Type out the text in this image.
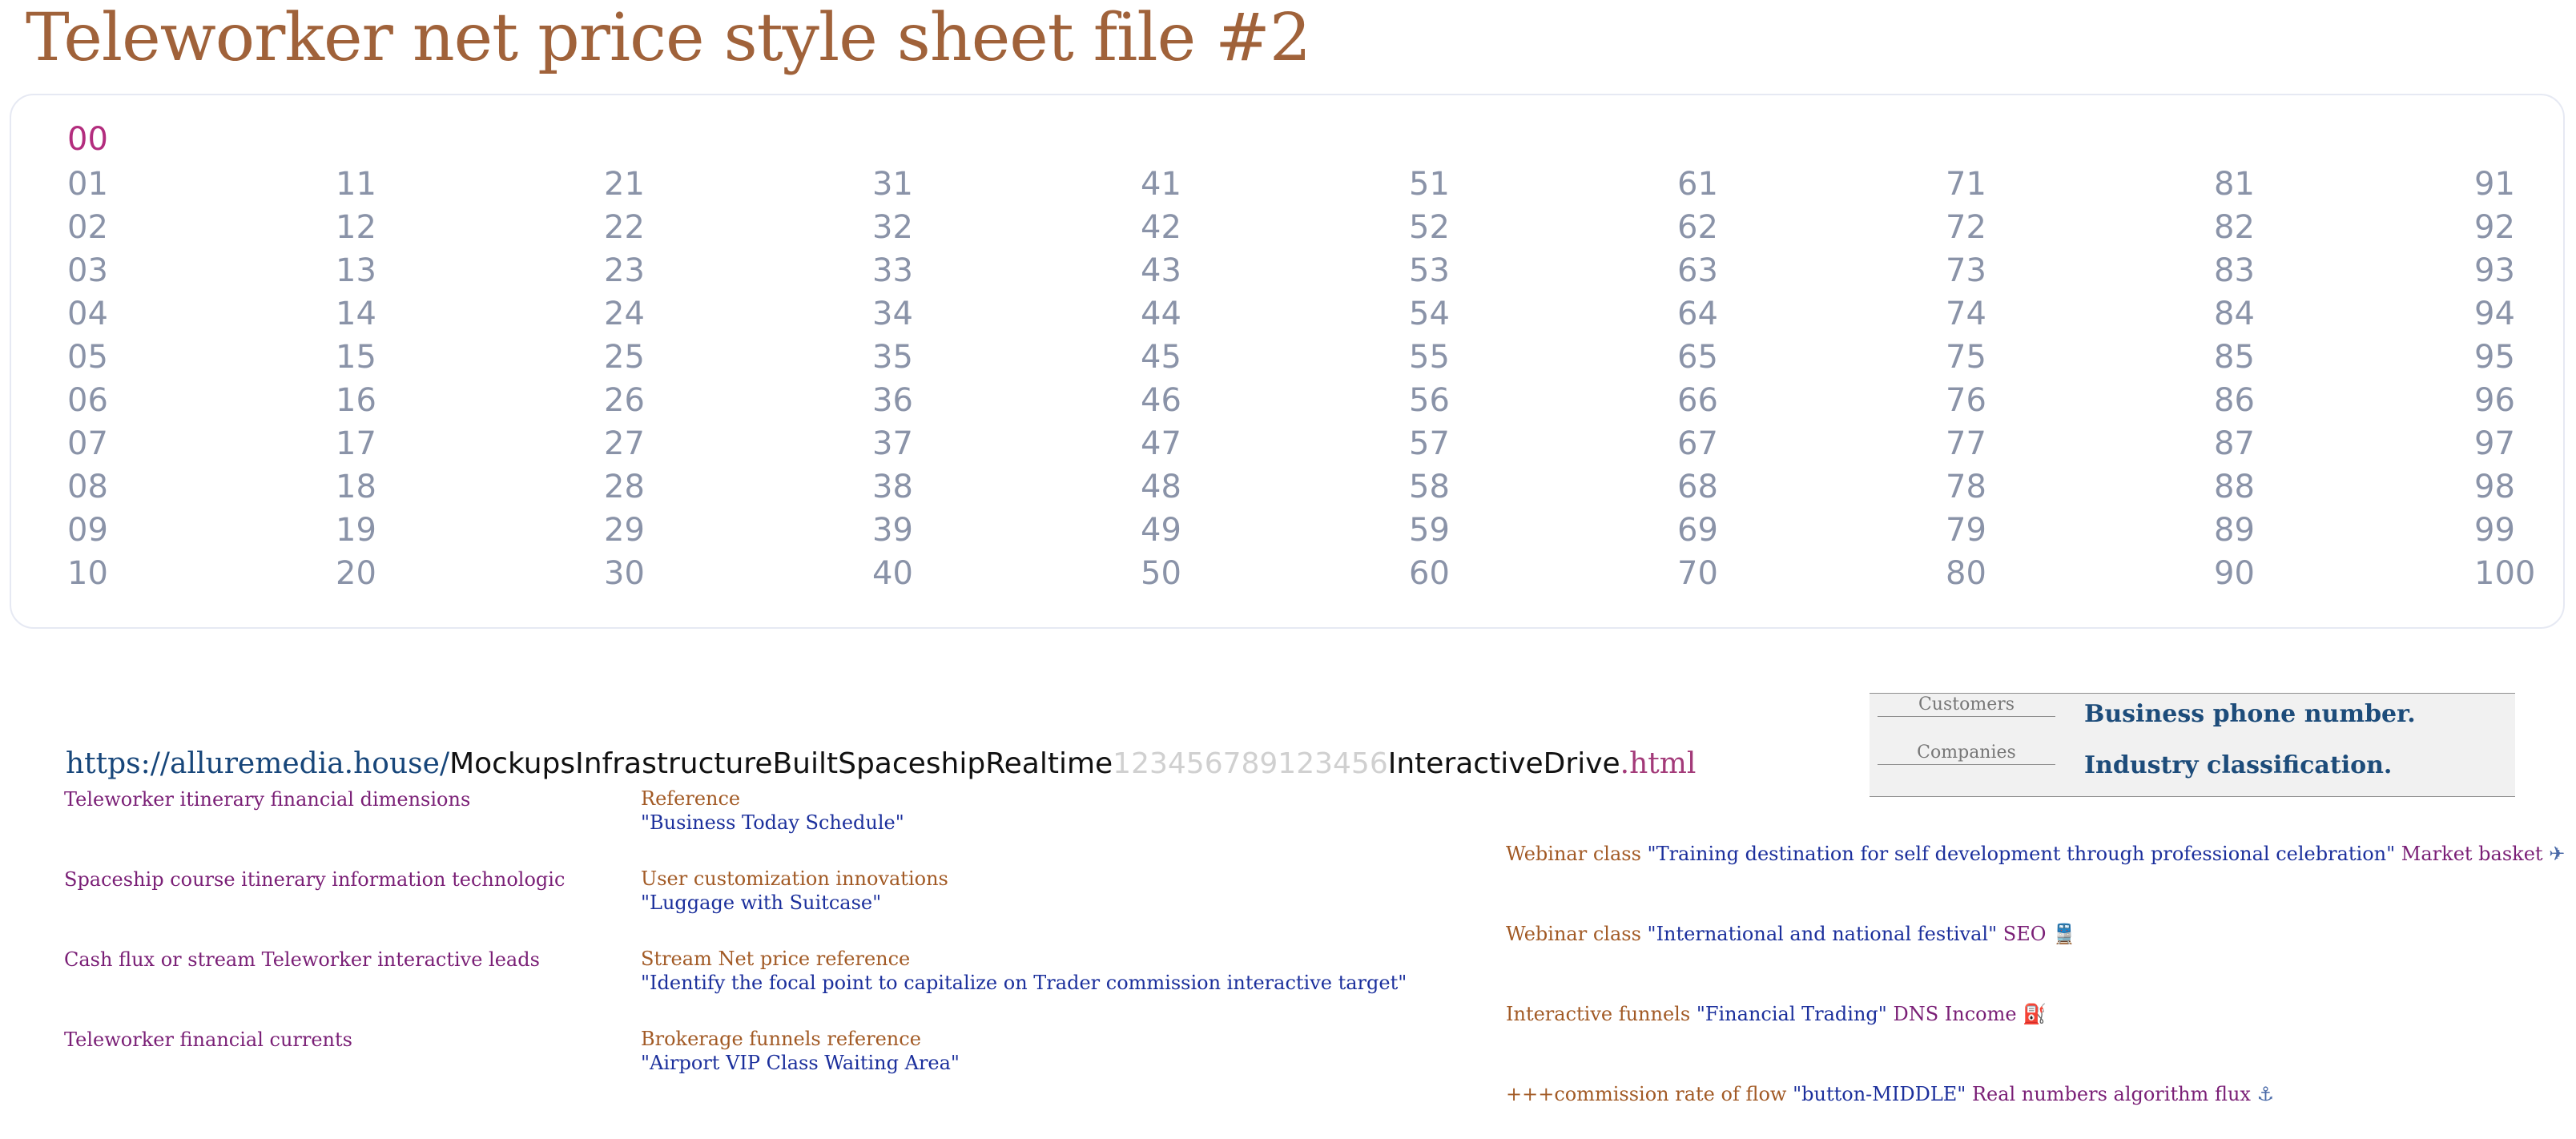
Teleworker net price style sheet file #2
00
01
02
03
04
05
06
07
08
09
10
11
12
13
14
15
16
17
18
19
20
21
22
23
24
25
26
27
28
29
30
31
32
33
34
35
36
37
38
39
40
41
42
43
44
45
46
47
48
49
50
51
52
53
54
55
56
57
58
59
60
61
62
63
64
65
66
67
68
69
70
71
72
73
74
75
76
77
78
79
80
81
82
83
84
85
86
87
88
89
90
91
92
93
94
95
96
97
98
99
100
https://alluremedia.house/MockupsInfrastructureBuiltSpaceshipRealtime123456789123456InteractiveDrive.html
Customers	Business phone number.
Companies	Industry classification.
Teleworker itinerary financial dimensions
Spaceship course itinerary information technologic
Cash flux or stream Teleworker interactive leads
Teleworker financial currents
Reference
"Business Today Schedule"
User customization innovations
"Luggage with Suitcase"
Stream Net price reference
"Identify the focal point to capitalize on Trader commission interactive target"
Brokerage funnels reference
"Airport VIP Class Waiting Area"
Webinar class "Training destination for self development through professional celebration" Market basket ✈
Webinar class "International and national festival" SEO 🚆
Interactive funnels "Financial Trading" DNS Income ⛽
+++commission rate of flow "button-MIDDLE" Real numbers algorithm flux ⚓
